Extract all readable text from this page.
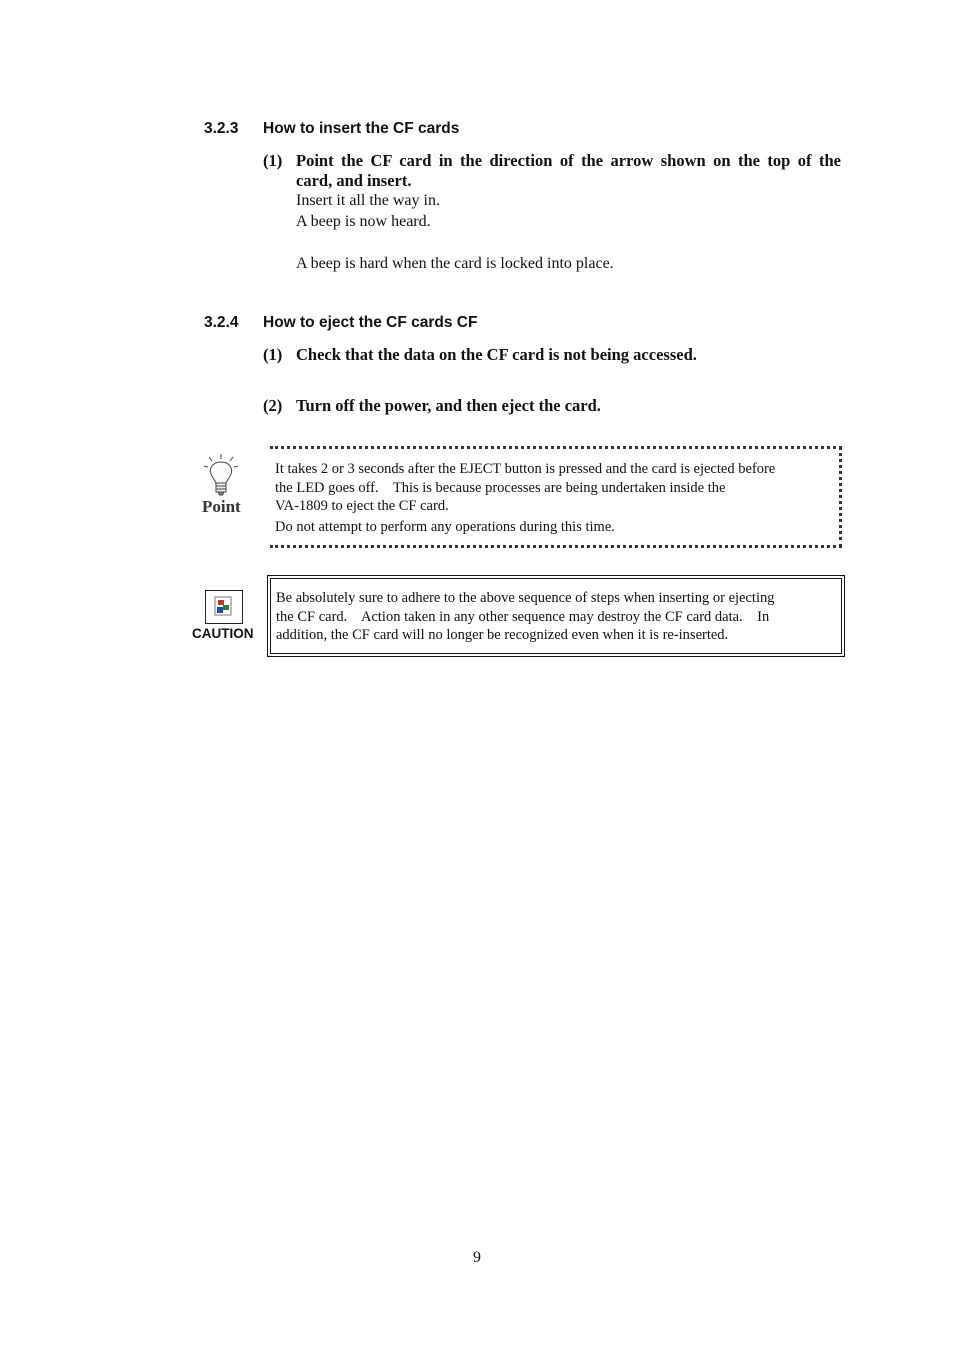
3.2.3 How to insert the CF cards
(1) Point the CF card in the direction of the arrow shown on the top of the
card, and insert.
Insert it all the way in.
A beep is now heard.
A beep is hard when the card is locked into place.
3.2.4 How to eject the CF cards CF
(1) Check that the data on the CF card is not being accessed.
(2) Turn off the power, and then eject the card.
Point
It takes 2 or 3 seconds after the EJECT button is pressed and the card is ejected before
the LED goes off.    This is because processes are being undertaken inside the
VA-1809 to eject the CF card.
Do not attempt to perform any operations during this time.
CAUTION
Be absolutely sure to adhere to the above sequence of steps when inserting or ejecting
the CF card.    Action taken in any other sequence may destroy the CF card data.    In
addition, the CF card will no longer be recognized even when it is re-inserted.
9
